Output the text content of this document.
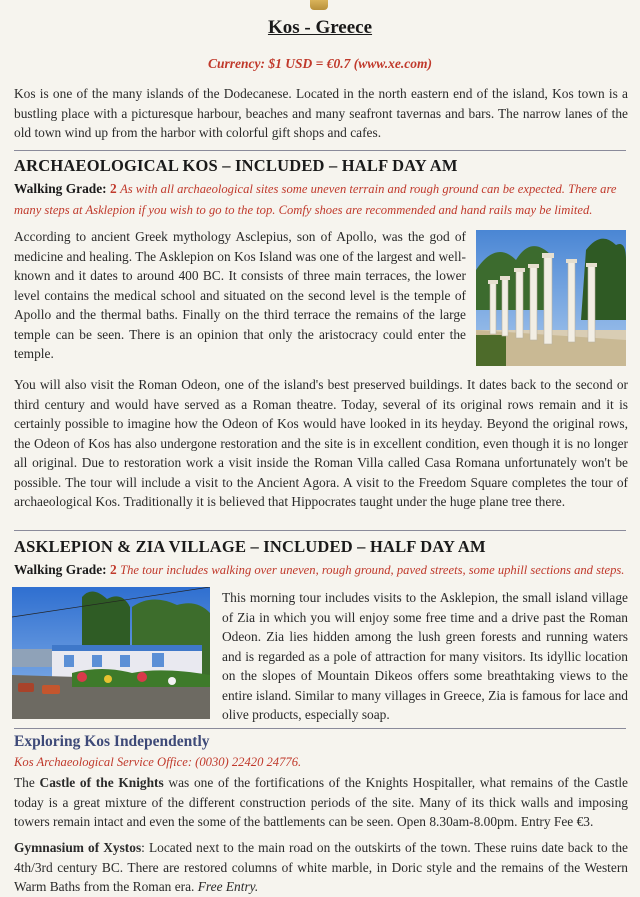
Kos - Greece
Currency: $1 USD = €0.7 (www.xe.com)

Kos is one of the many islands of the Dodecanese. Located in the north eastern end of the island, Kos town is a bustling place with a picturesque harbour, beaches and many seafront tavernas and bars. The narrow lanes of the old town wind up from the harbor with colorful gift shops and cafes.

ARCHAEOLOGICAL KOS – INCLUDED – HALF DAY AM
Walking Grade: 2 As with all archaeological sites some uneven terrain and rough ground can be expected. There are many steps at Asklepion if you wish to go to the top. Comfy shoes are recommended and hand rails may be limited.

According to ancient Greek mythology Asclepius, son of Apollo, was the god of medicine and healing. The Asklepion on Kos Island was one of the largest and well-known and it dates to around 400 BC. It consists of three main terraces, the lower level contains the medical school and situated on the second level is the temple of Apollo and the thermal baths. Finally on the third terrace the remains of the large temple can be seen. There is an opinion that only the aristocracy could enter the temple.

You will also visit the Roman Odeon, one of the island's best preserved buildings. It dates back to the second or third century and would have served as a Roman theatre. Today, several of its original rows remain and it is certainly possible to imagine how the Odeon of Kos would have looked in its heyday. Beyond the original rows, the Odeon of Kos has also undergone restoration and the site is in excellent condition, even though it is no longer all original. Due to restoration work a visit inside the Roman Villa called Casa Romana unfortunately won't be possible. The tour will include a visit to the Ancient Agora. A visit to the Freedom Square completes the tour of archaeological Kos. Traditionally it is believed that Hippocrates taught under the huge plane tree there.

ASKLEPION & ZIA VILLAGE – INCLUDED – HALF DAY AM
Walking Grade: 2 The tour includes walking over uneven, rough ground, paved streets, some uphill sections and steps.

This morning tour includes visits to the Asklepion, the small island village of Zia in which you will enjoy some free time and a drive past the Roman Odeon. Zia lies hidden among the lush green forests and running waters and is regarded as a pole of attraction for many visitors. Its idyllic location on the slopes of Mountain Dikeos offers some breathtaking views to the entire island. Similar to many villages in Greece, Zia is famous for lace and olive products, especially soap.

Exploring Kos Independently
Kos Archaeological Service Office: (0030) 22420 24776.

The Castle of the Knights was one of the fortifications of the Knights Hospitaller, what remains of the Castle today is a great mixture of the different construction periods of the site. Many of its thick walls and imposing towers remain intact and even the some of the battlements can be seen. Open 8.30am-8.00pm. Entry Fee €3.

Gymnasium of Xystos: Located next to the main road on the outskirts of the town. These ruins date back to the 4th/3rd century BC. There are restored columns of white marble, in Doric style and the remains of the Western Warm Baths from the Roman era. Free Entry.
